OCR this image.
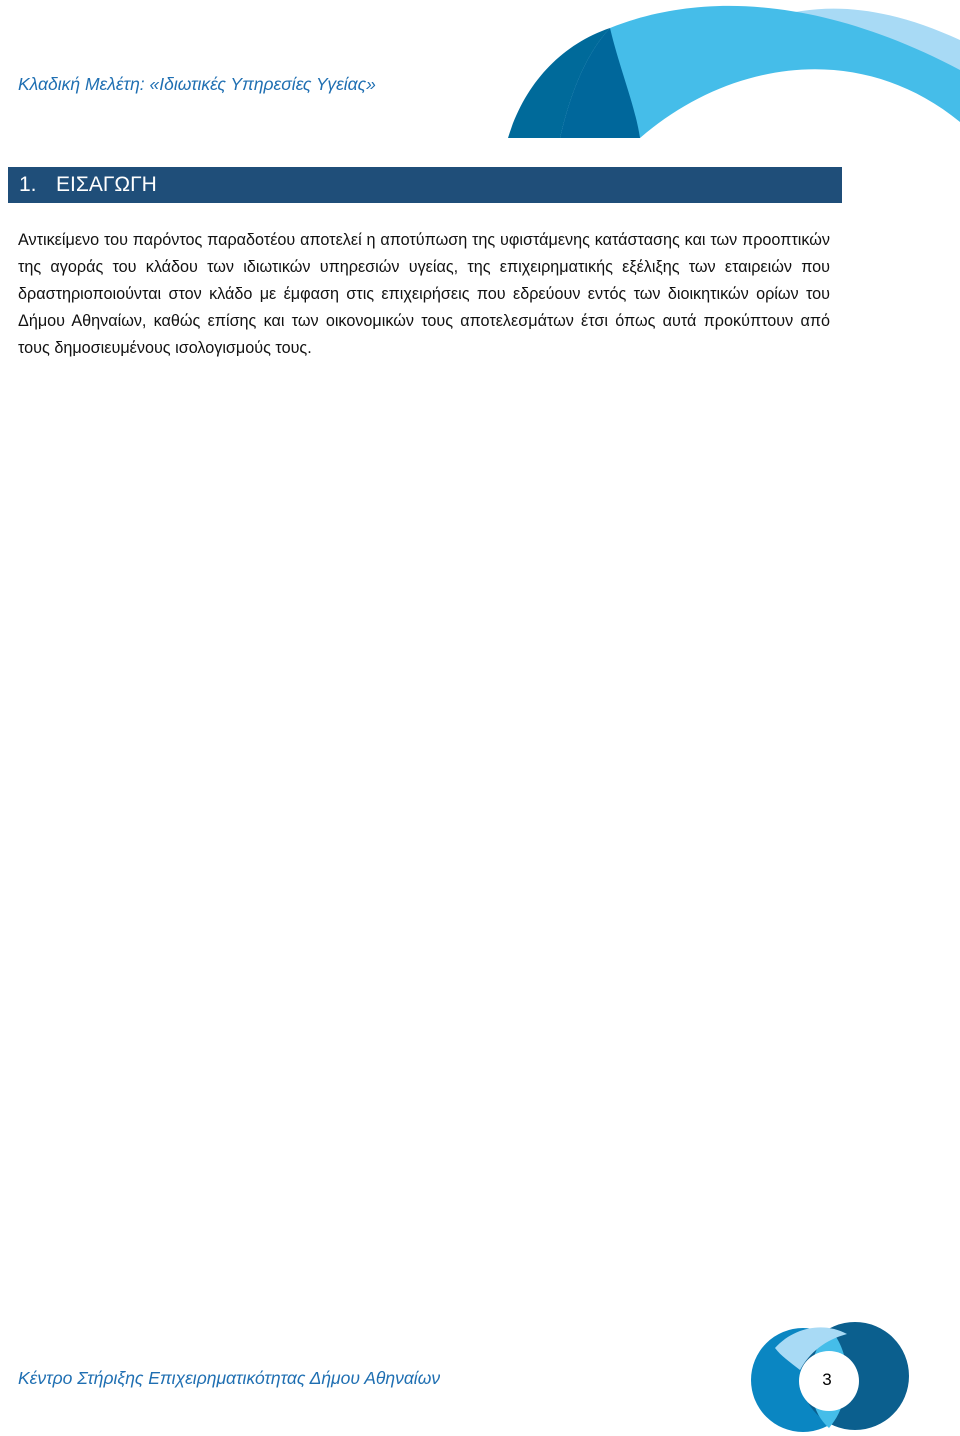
Κλαδική Μελέτη: «Ιδιωτικές Υπηρεσίες Υγείας»
1. ΕΙΣΑΓΩΓΗ
Αντικείμενο του παρόντος παραδοτέου αποτελεί η αποτύπωση της υφιστάμενης κατάστασης και των προοπτικών της αγοράς του κλάδου των ιδιωτικών υπηρεσιών υγείας, της επιχειρηματικής εξέλιξης των εταιρειών που δραστηριοποιούνται στον κλάδο με έμφαση στις επιχειρήσεις που εδρεύουν εντός των διοικητικών ορίων του Δήμου Αθηναίων, καθώς επίσης και των οικονομικών τους αποτελεσμάτων έτσι όπως αυτά προκύπτουν από τους δημοσιευμένους ισολογισμούς τους.
Κέντρο Στήριξης Επιχειρηματικότητας Δήμου Αθηναίων	3
